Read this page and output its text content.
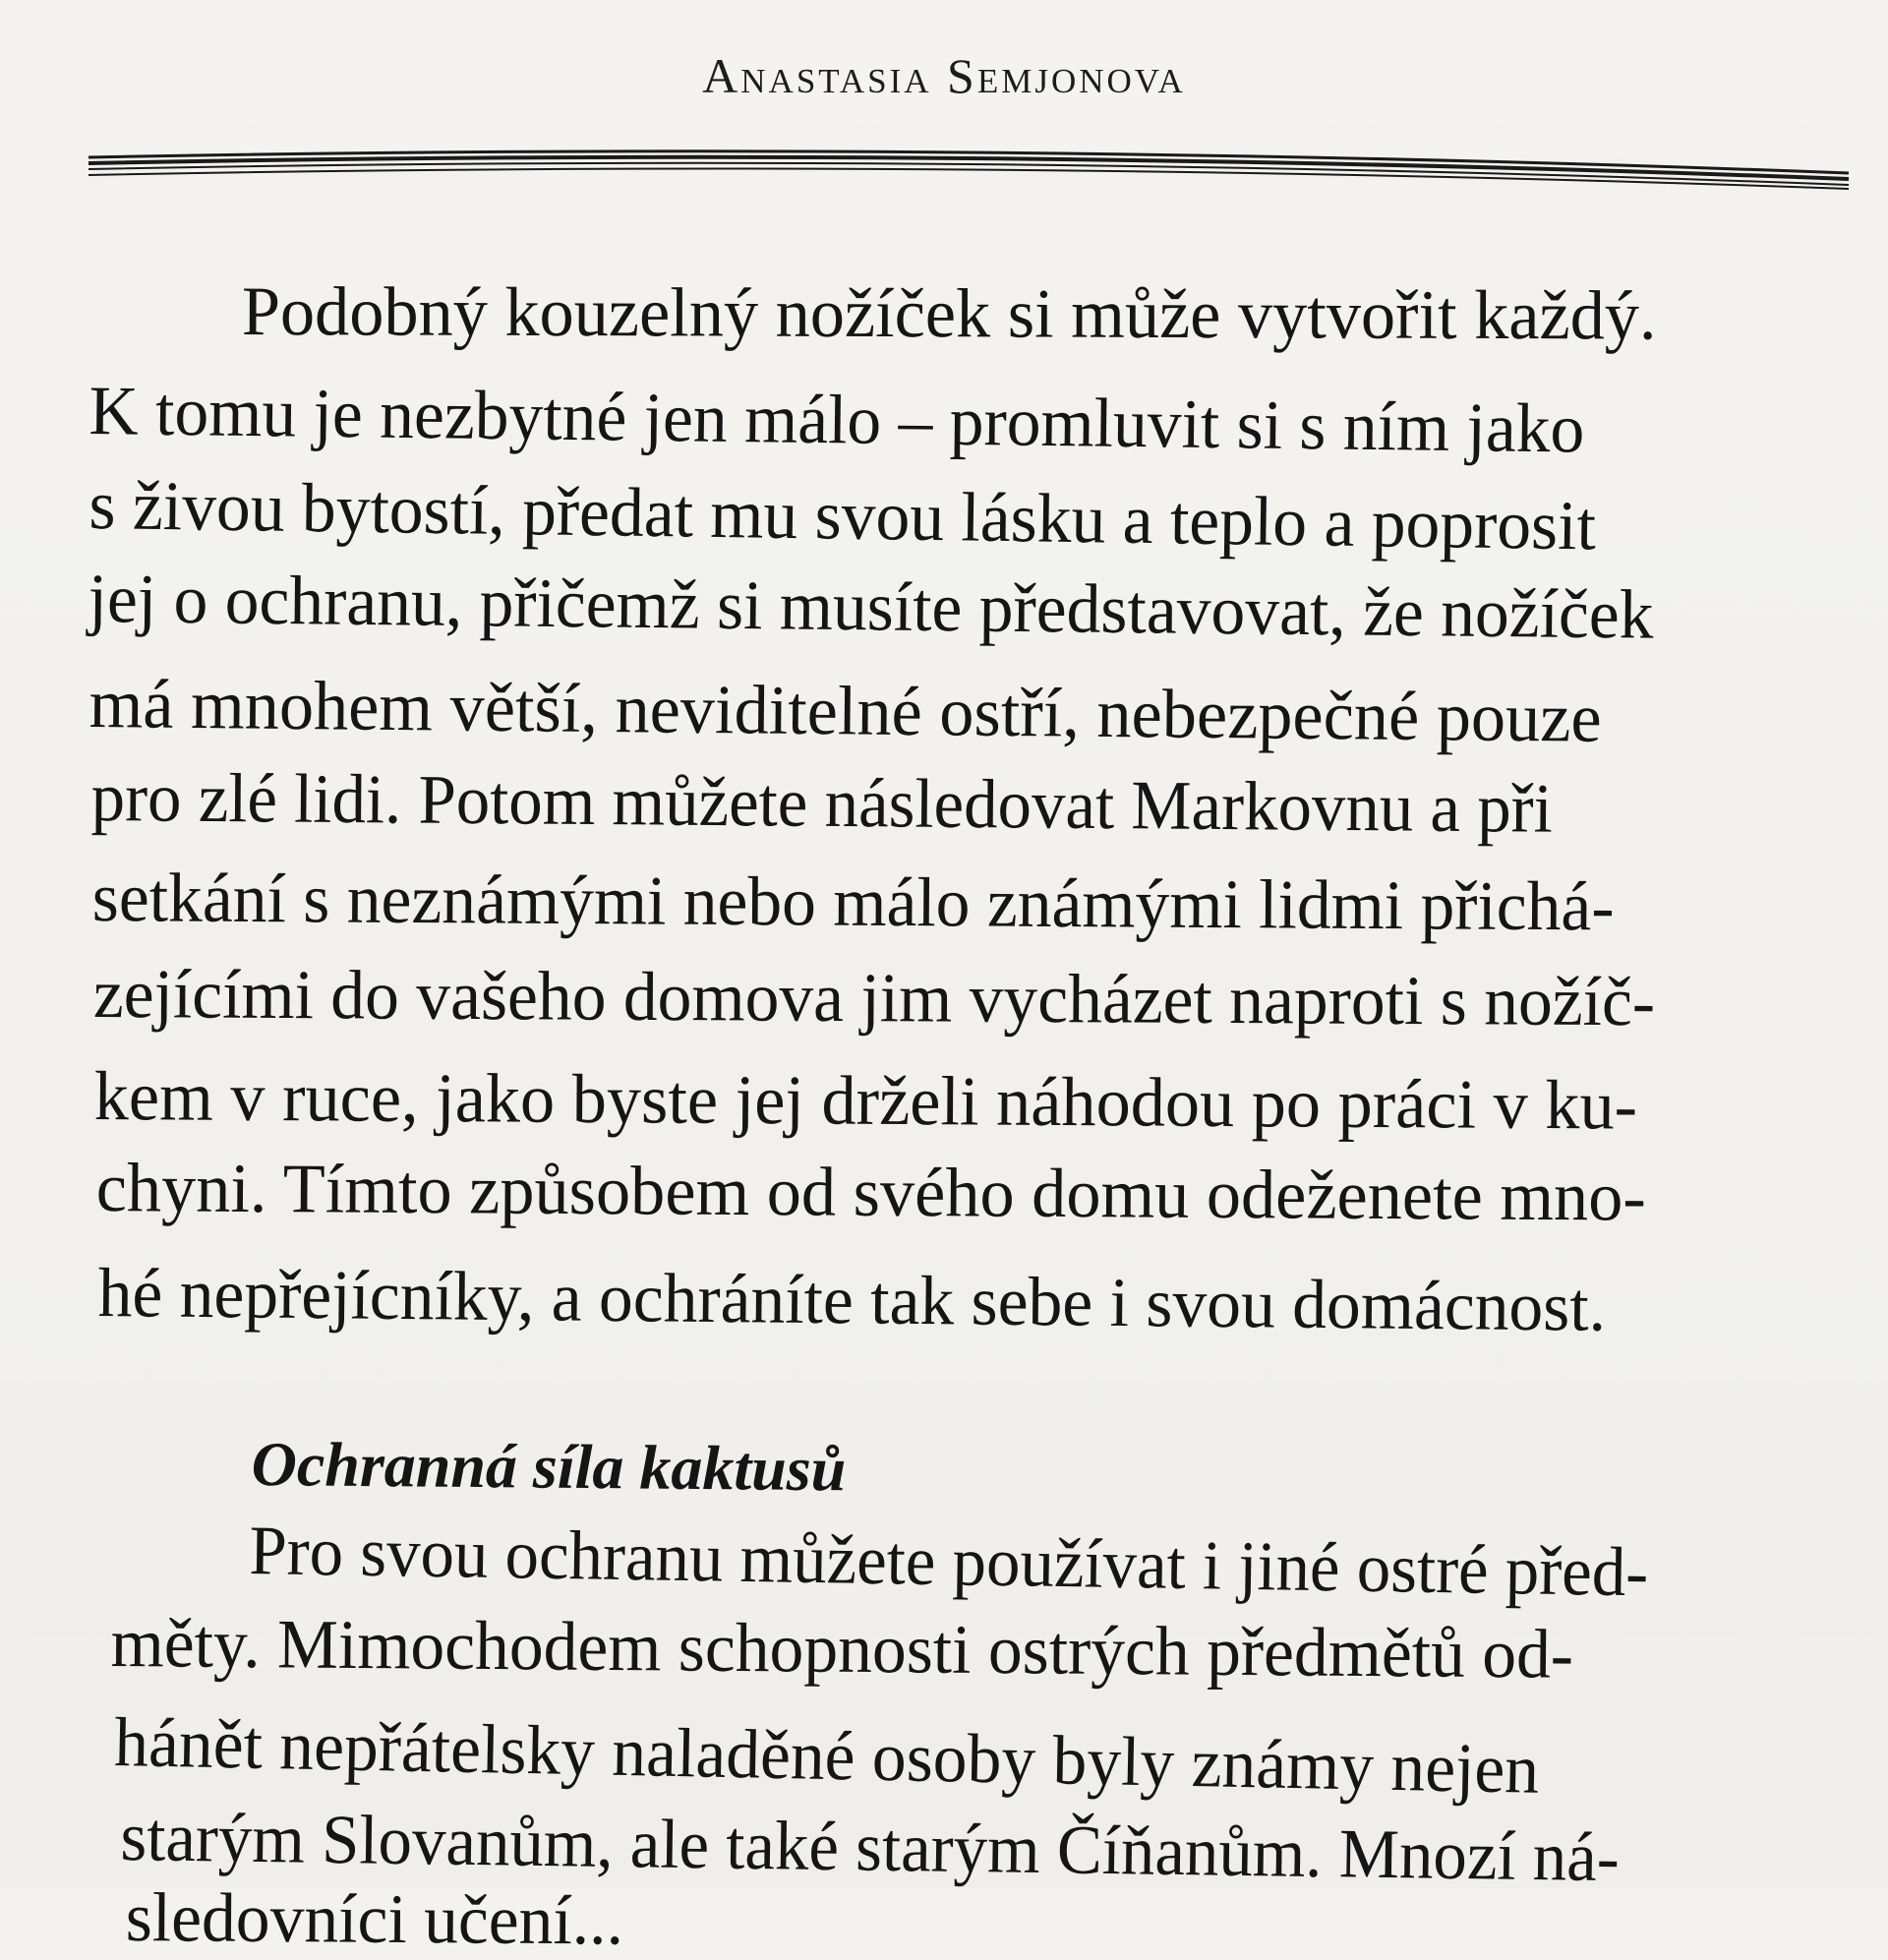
Anastasia Semjonova
Podobný kouzelný nožíček si může vytvořit každý.
K tomu je nezbytné jen málo – promluvit si s ním jako
s živou bytostí, předat mu svou lásku a teplo a poprosit
jej o ochranu, přičemž si musíte představovat, že nožíček
má mnohem větší, neviditelné ostří, nebezpečné pouze
pro zlé lidi. Potom můžete následovat Markovnu a při
setkání s neznámými nebo málo známými lidmi přichá-
zejícími do vašeho domova jim vycházet naproti s nožíč-
kem v ruce, jako byste jej drželi náhodou po práci v ku-
chyni. Tímto způsobem od svého domu odeženete mno-
hé nepřejícníky, a ochráníte tak sebe i svou domácnost.
Ochranná síla kaktusů
Pro svou ochranu můžete používat i jiné ostré před-
měty. Mimochodem schopnosti ostrých předmětů od-
hánět nepřátelsky naladěné osoby byly známy nejen
starým Slovanům, ale také starým Číňanům. Mnozí ná-
sledovníci učení...
